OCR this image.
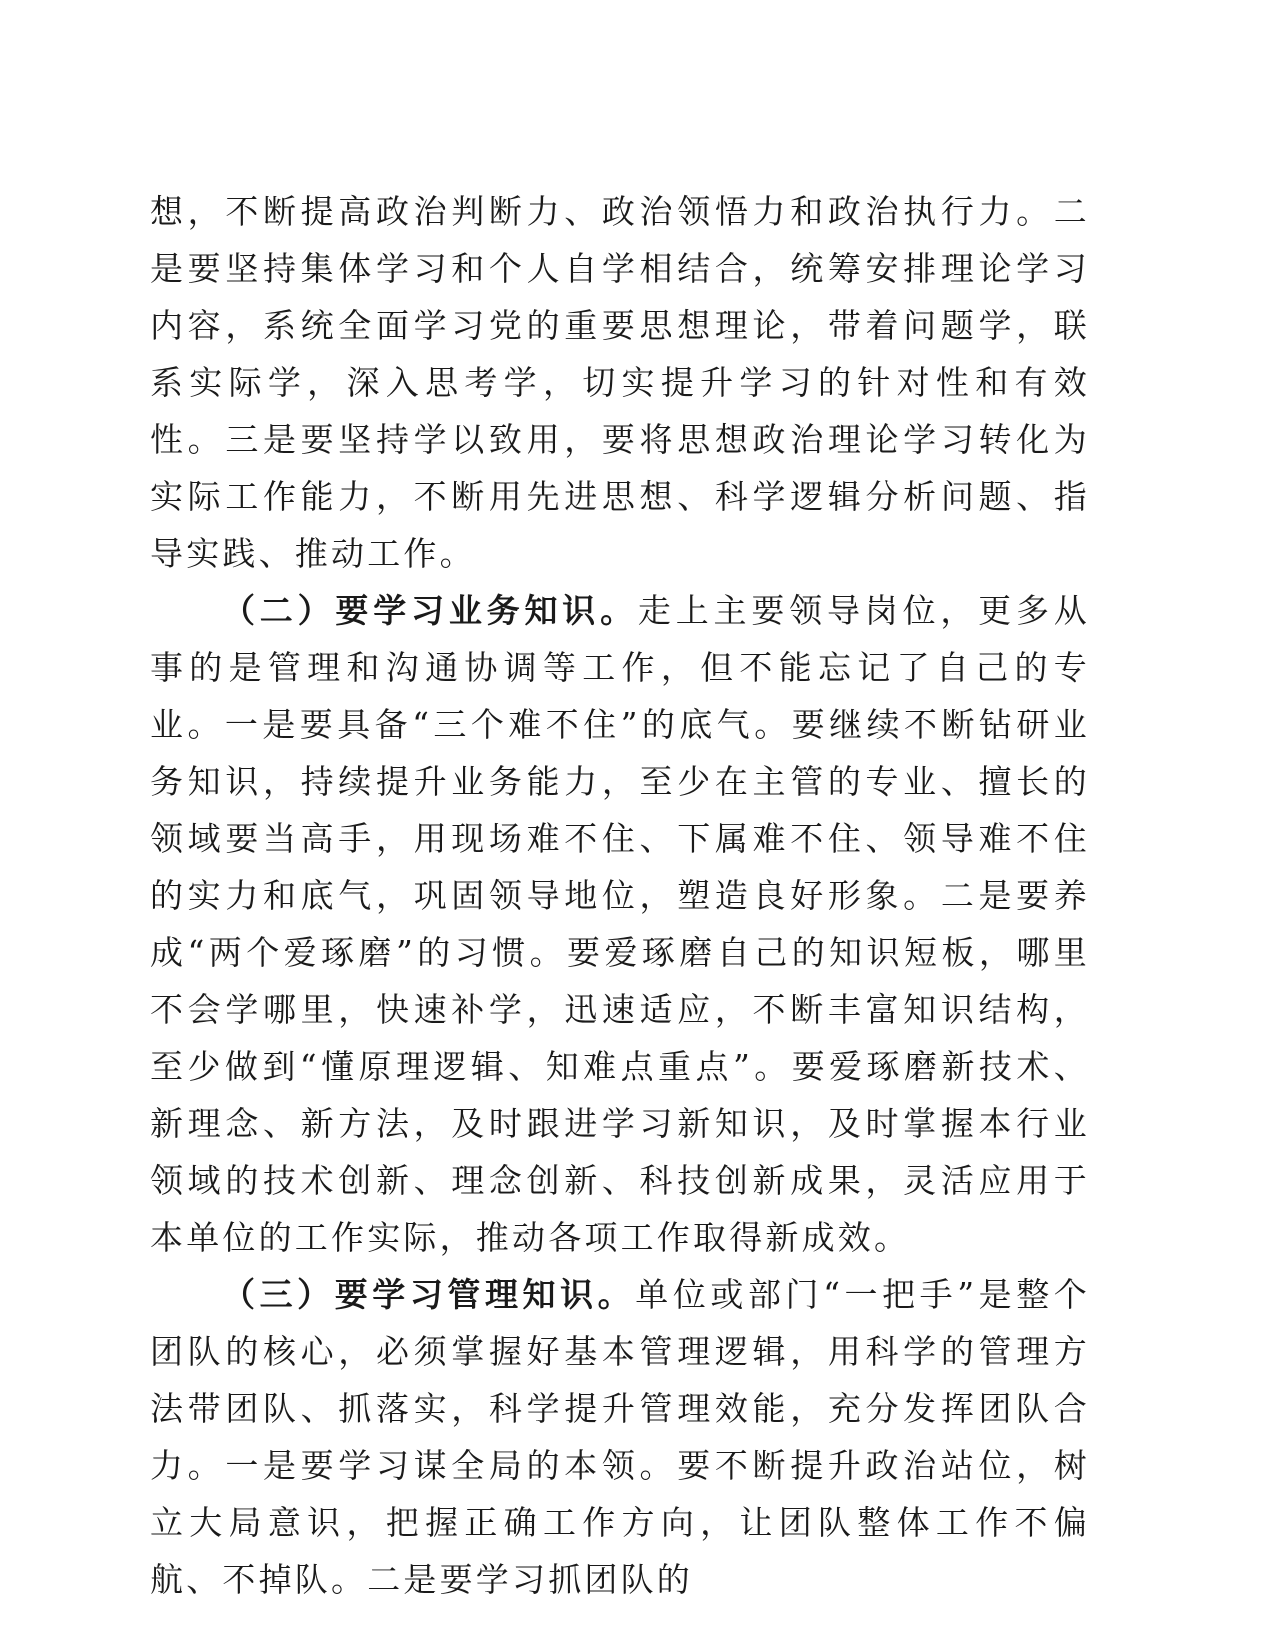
想，不断提高政治判断力、政治领悟力和政治执行力。二是要坚持集体学习和个人自学相结合，统筹安排理论学习内容，系统全面学习党的重要思想理论，带着问题学，联系实际学，深入思考学，切实提升学习的针对性和有效性。三是要坚持学以致用，要将思想政治理论学习转化为实际工作能力，不断用先进思想、科学逻辑分析问题、指导实践、推动工作。

（二）要学习业务知识。走上主要领导岗位，更多从事的是管理和沟通协调等工作，但不能忘记了自己的专业。一是要具备“三个难不住”的底气。要继续不断钻研业务知识，持续提升业务能力，至少在主管的专业、擅长的领域要当高手，用现场难不住、下属难不住、领导难不住的实力和底气，巩固领导地位，塑造良好形象。二是要养成“两个爱琢磨”的习惯。要爱琢磨自己的知识短板，哪里不会学哪里，快速补学，迅速适应，不断丰富知识结构，至少做到“懂原理逻辑、知难点重点”。要爱琢磨新技术、新理念、新方法，及时跟进学习新知识，及时掌握本行业领域的技术创新、理念创新、科技创新成果，灵活应用于本单位的工作实际，推动各项工作取得新成效。

（三）要学习管理知识。单位或部门“一把手”是整个团队的核心，必须掌握好基本管理逻辑，用科学的管理方法带团队、抓落实，科学提升管理效能，充分发挥团队合力。一是要学习谋全局的本领。要不断提升政治站位，树立大局意识，把握正确工作方向，让团队整体工作不偏航、不掉队。二是要学习抓团队的
